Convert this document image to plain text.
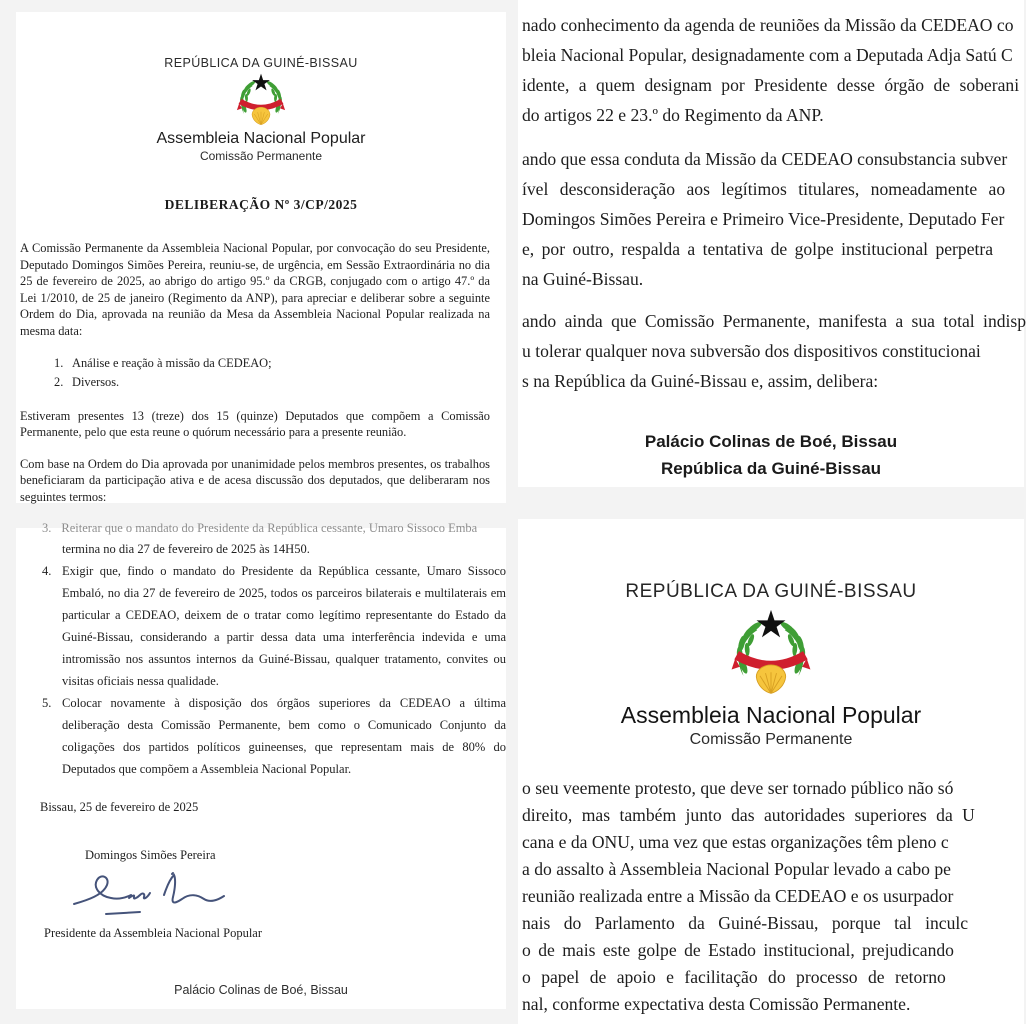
REPÚBLICA DA GUINÉ-BISSAU
Assembleia Nacional Popular
Comissão Permanente
DELIBERAÇÃO Nº 3/CP/2025
A Comissão Permanente da Assembleia Nacional Popular, por convocação do seu Presidente, Deputado Domingos Simões Pereira, reuniu-se, de urgência, em Sessão Extraordinária no dia 25 de fevereiro de 2025, ao abrigo do artigo 95.º da CRGB, conjugado com o artigo 47.º da Lei 1/2010, de 25 de janeiro (Regimento da ANP), para apreciar e deliberar sobre a seguinte Ordem do Dia, aprovada na reunião da Mesa da Assembleia Nacional Popular realizada na mesma data:
1. Análise e reação à missão da CEDEAO;
2. Diversos.
Estiveram presentes 13 (treze) dos 15 (quinze) Deputados que compõem a Comissão Permanente, pelo que esta reune o quórum necessário para a presente reunião.
Com base na Ordem do Dia aprovada por unanimidade pelos membros presentes, os trabalhos beneficiaram da participação ativa e de acesa discussão dos deputados, que deliberaram nos seguintes termos:
nado conhecimento da agenda de reuniões da Missão da CEDEAO co
bleia Nacional Popular, designadamente com a Deputada Adja Satú C
idente, a quem designam por Presidente desse órgão de soberani
do artigos 22 e 23.º do Regimento da ANP.
ando que essa conduta da Missão da CEDEAO consubstancia subver
ível desconsideração aos legítimos titulares, nomeadamente ao
Domingos Simões Pereira e Primeiro Vice-Presidente, Deputado Fer
e, por outro, respalda a tentativa de golpe institucional perpetra
na Guiné-Bissau.
ando ainda que Comissão Permanente, manifesta a sua total indisp
u tolerar qualquer nova subversão dos dispositivos constitucionai
s na República da Guiné-Bissau e, assim, delibera:
Palácio Colinas de Boé, Bissau
República da Guiné-Bissau
3. Reiterar que o mandato do Presidente da República cessante, Umaro Sissoco Emba
termina no dia 27 de fevereiro de 2025 às 14H50.
4. Exigir que, findo o mandato do Presidente da República cessante, Umaro Sissoco Embaló, no dia 27 de fevereiro de 2025, todos os parceiros bilaterais e multilaterais em particular a CEDEAO, deixem de o tratar como legítimo representante do Estado da Guiné-Bissau, considerando a partir dessa data uma interferência indevida e uma intromissão nos assuntos internos da Guiné-Bissau, qualquer tratamento, convites ou visitas oficiais nessa qualidade.
5. Colocar novamente à disposição dos órgãos superiores da CEDEAO a última deliberação desta Comissão Permanente, bem como o Comunicado Conjunto da coligações dos partidos políticos guineenses, que representam mais de 80% do Deputados que compõem a Assembleia Nacional Popular.
Bissau, 25 de fevereiro de 2025
Domingos Simões Pereira
Presidente da Assembleia Nacional Popular
Palácio Colinas de Boé, Bissau
REPÚBLICA DA GUINÉ-BISSAU
Assembleia Nacional Popular
Comissão Permanente
o seu veemente protesto, que deve ser tornado público não só
direito, mas também junto das autoridades superiores da U
cana e da ONU, uma vez que estas organizações têm pleno c
a do assalto à Assembleia Nacional Popular levado a cabo pe
reunião realizada entre a Missão da CEDEAO e os usurpador
nais do Parlamento da Guiné-Bissau, porque tal inculc
o de mais este golpe de Estado institucional, prejudicando
o papel de apoio e facilitação do processo de retorno
nal, conforme expectativa desta Comissão Permanente.
